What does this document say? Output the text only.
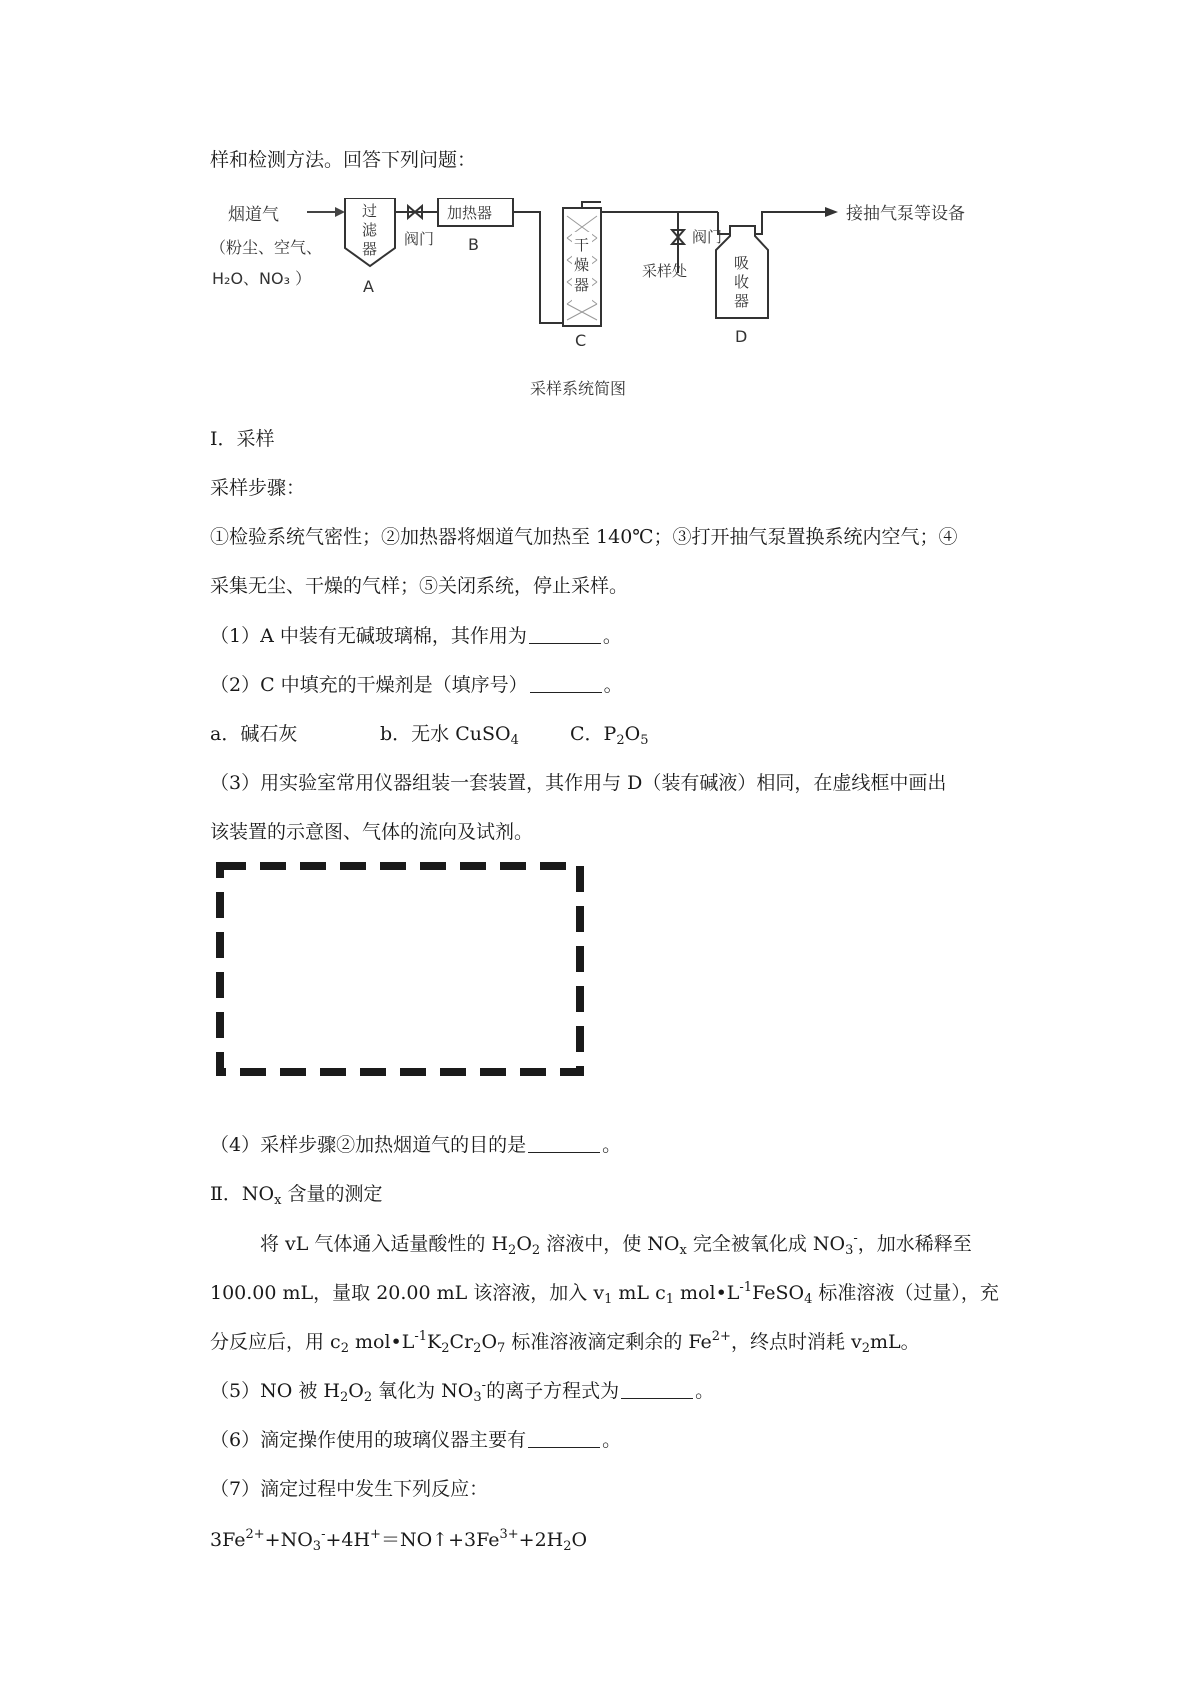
样和检测方法。回答下列问题：
烟道气
（粉尘、空气、
H₂O、NO₃ ）
过
滤
器
A
阀门
加热器
B	干
燥
器
C
阀门
采样处	吸
收
器
D
接抽气泵等设备
采样系统简图
Ⅰ．采样
采样步骤：
①检验系统气密性；②加热器将烟道气加热至 140℃；③打开抽气泵置换系统内空气；④
采集无尘、干燥的气样；⑤关闭系统，停止采样。
（1）A 中装有无碱玻璃棉，其作用为	。
（2）C 中填充的干燥剂是（填序号）	。
a．碱石灰	b．无水 CuSO$_4$	C．$P_2O_5$
（3）用实验室常用仪器组装一套装置，其作用与 D（装有碱液）相同，在虚线框中画出
该装置的示意图、气体的流向及试剂。
（4）采样步骤②加热烟道气的目的是	。
Ⅱ．$NO_x$ 含量的测定
将 vL 气体通入适量酸性的 $H_2O_2$ 溶液中，使 $NO_x$ 完全被氧化成 $NO_3^-$，加水稀释至
100.00 mL，量取 20.00 mL 该溶液，加入 $v_1$ mL $c_1$ $mol•L^{-1}FeSO_4$ 标准溶液（过量），充
分反应后，用 $c_2$ $mol•L^{-1}K_2Cr_2O_7$ 标准溶液滴定剩余的 $Fe^{2+}$，终点时消耗 $v_2mL$。
（5）NO 被 $H_2O_2$ 氧化为 $NO_3^-$的离子方程式为	。
（6）滴定操作使用的玻璃仪器主要有	。
（7）滴定过程中发生下列反应：
$3Fe^{2+}+NO_3^-+4H^+=NO↑+3Fe^{3+}+2H_2O$
